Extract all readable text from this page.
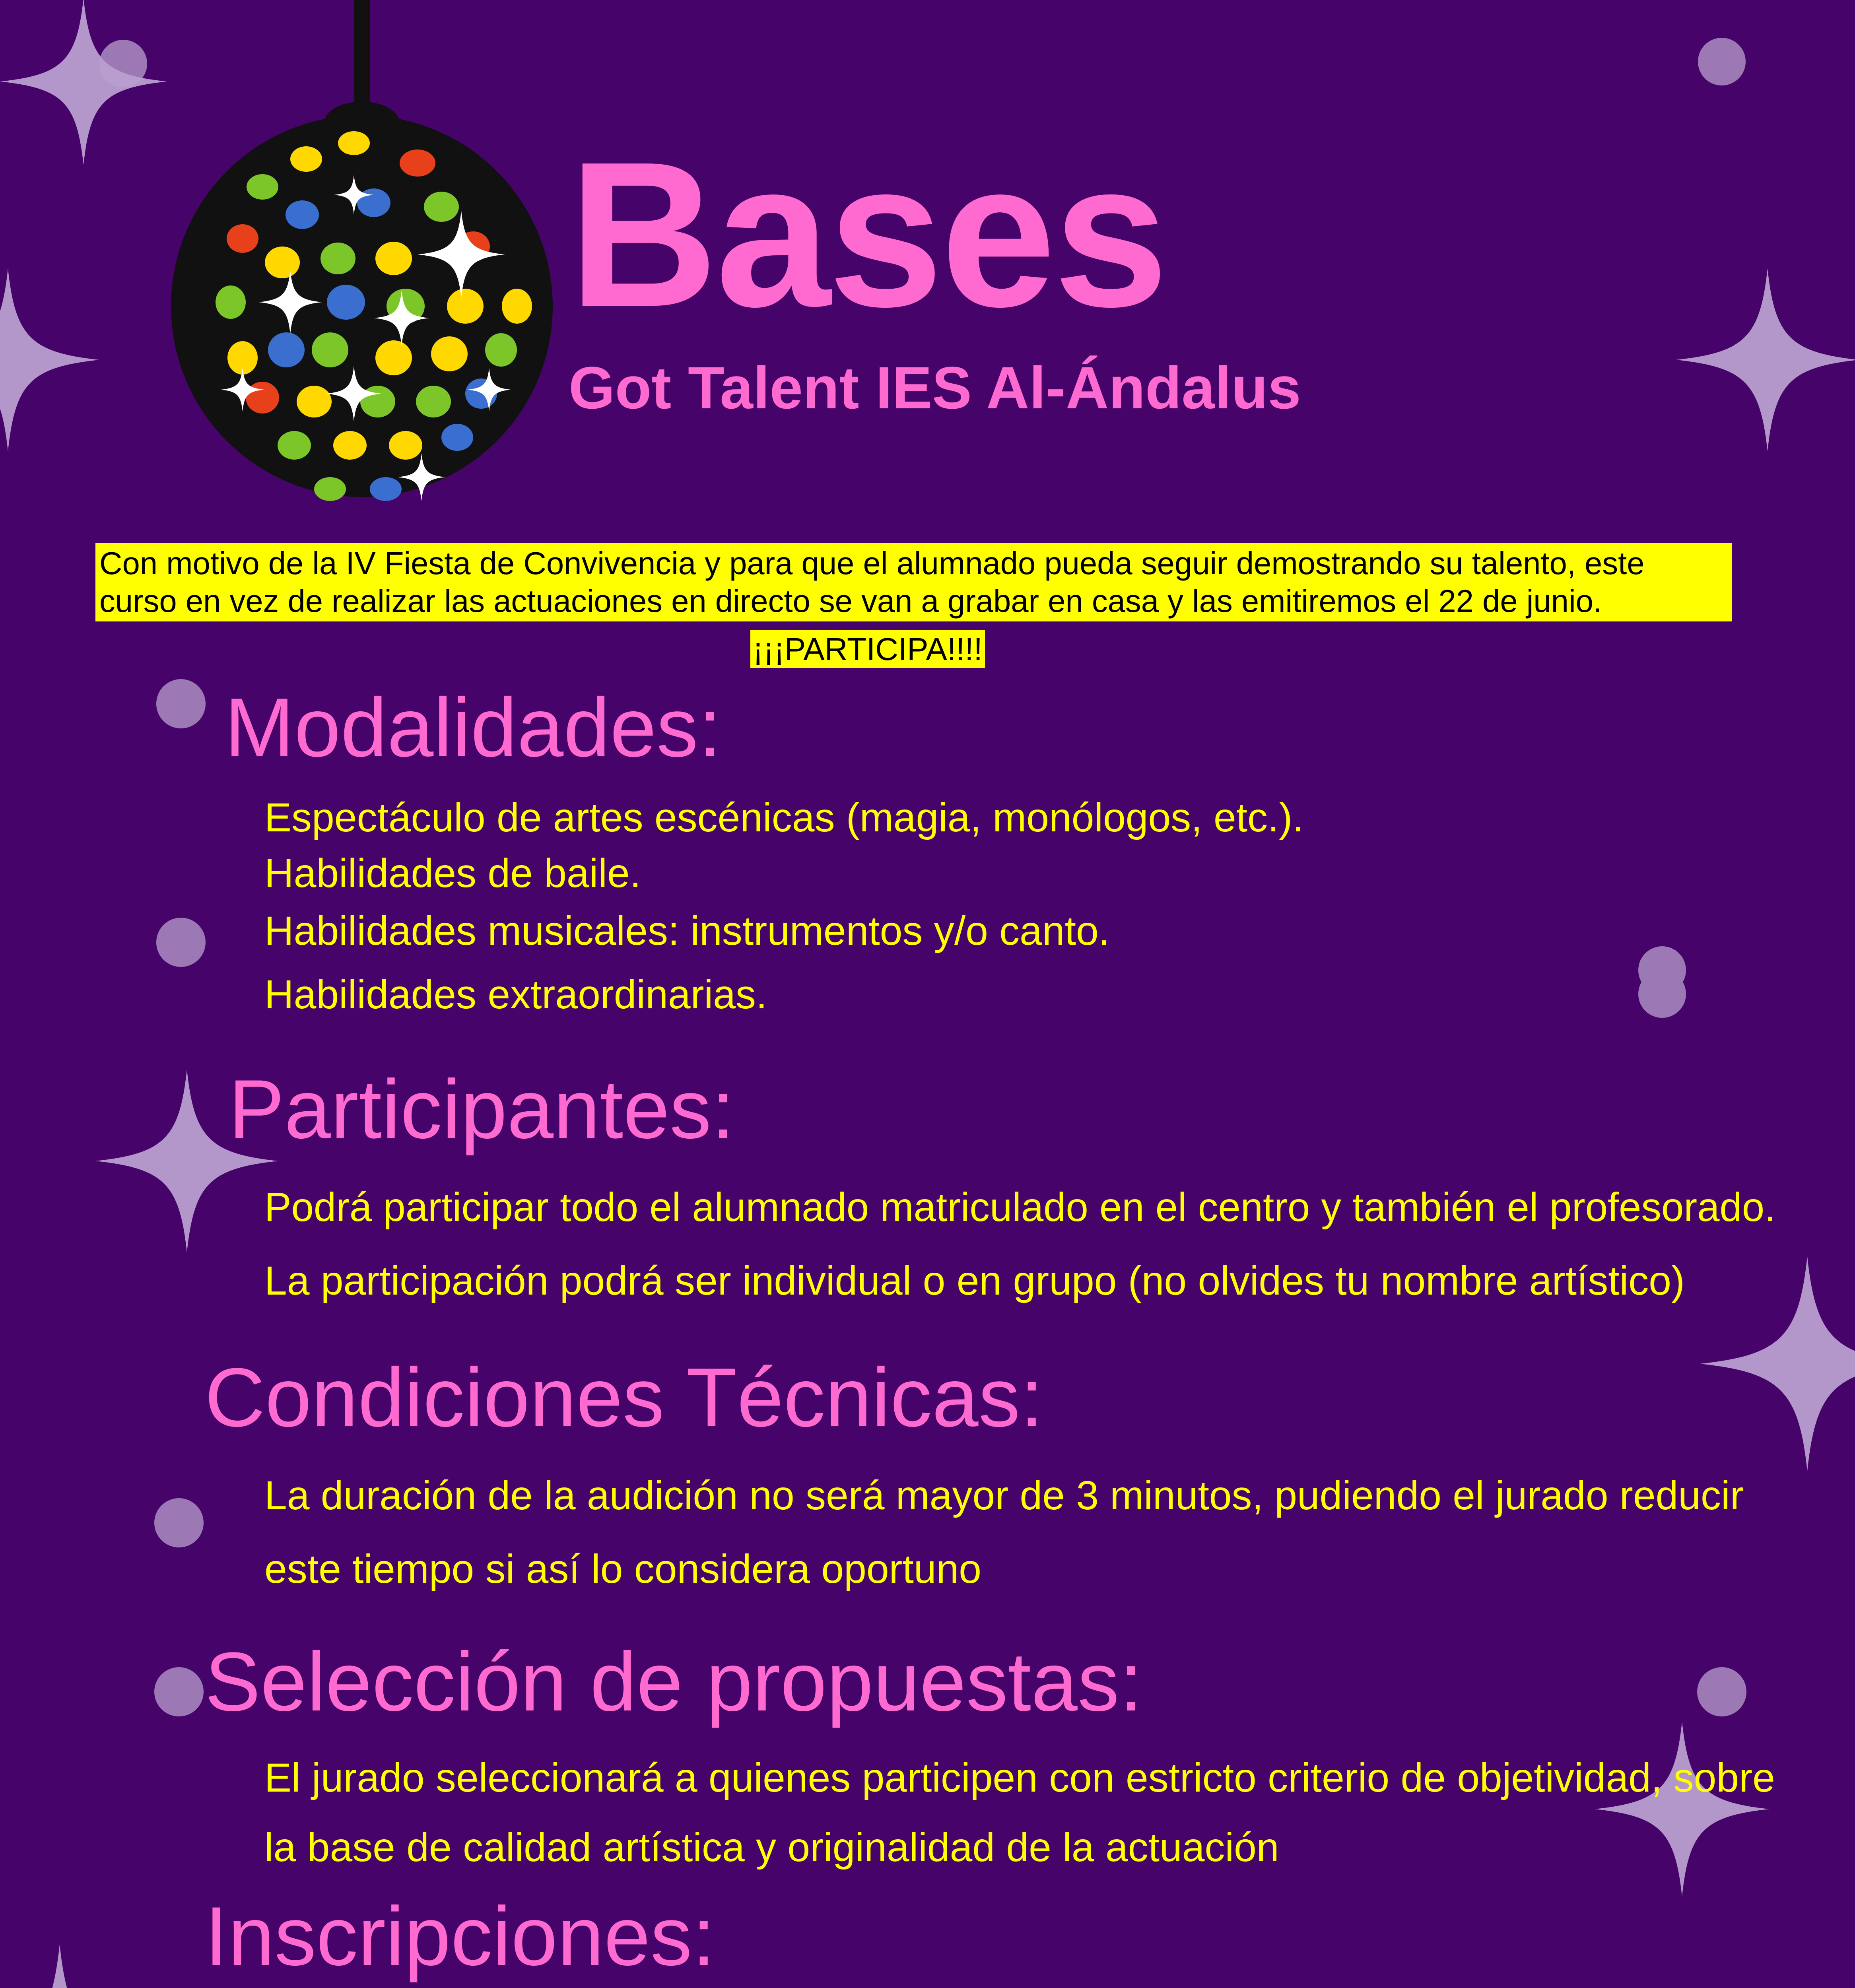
Bases
Got Talent IES Al-Ándalus
Con motivo de la IV Fiesta de Convivencia y para que el alumnado pueda seguir demostrando su talento, este
curso en vez de realizar las actuaciones en directo se van a grabar en casa y las emitiremos el 22 de junio.
¡¡¡PARTICIPA!!!!
Modalidades:
Espectáculo de artes escénicas (magia, monólogos, etc.).
Habilidades de baile.
Habilidades musicales: instrumentos y/o canto.
Habilidades extraordinarias.
Participantes:
Podrá participar todo el alumnado matriculado en el centro y también el profesorado.
La participación podrá ser individual o en grupo (no olvides tu nombre artístico)
Condiciones Técnicas:
La duración de la audición no será mayor de 3 minutos, pudiendo el jurado reducir
este tiempo si así lo considera oportuno
Selección de propuestas:
El jurado seleccionará a quienes participen con estricto criterio de objetividad, sobre
la base de calidad artística y originalidad de la actuación
Inscripciones:
